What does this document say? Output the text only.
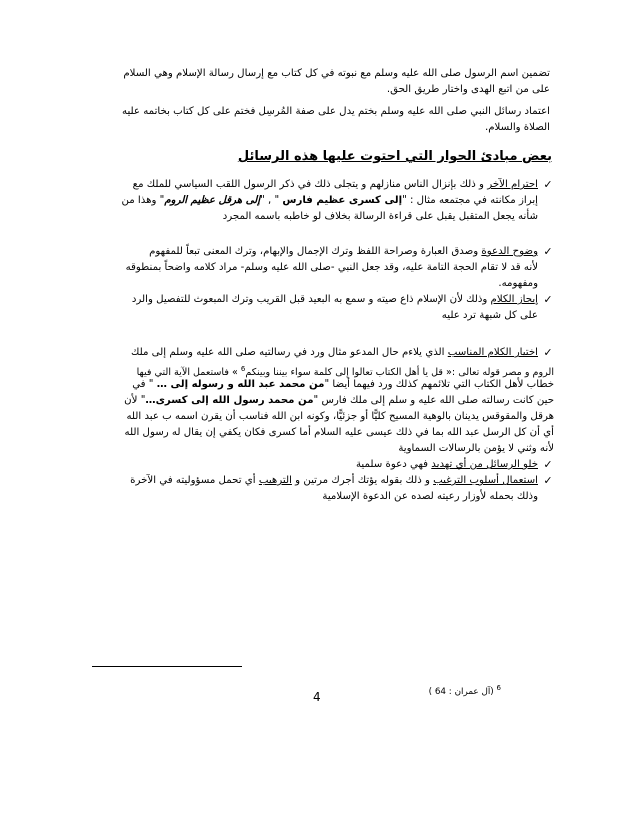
تضمين اسم الرسول صلى الله عليه وسلم مع نبوته في كل كتاب مع إرسال رسالة الإسلام وهي السلام
على من اتبع الهدى واختار طريق الحق.
اعتماد رسائل النبي صلى الله عليه وسلم بختم يدل على صفة المُرسِل فختم على كل كتاب بخاتمه عليه
الصلاة والسلام.
بعض مبادئ الحوار التي احتوت عليها هذه الرسائل
✓
احترام الآخر و ذلك بإنزال الناس منازلهم و يتجلى ذلك في ذكر الرسول اللقب السياسي للملك مع
إبراز مكانته في مجتمعه مثال : "إلى كسرى عظيم فارس " , "إلى هرقل عظيم الروم" وهذا من
شأنه يجعل المتقبل يقبل على قراءة الرسالة بخلاف لو خاطبه باسمه المجرد
✓
وضوح الدعوة وصدق العبارة وصراحة اللفظ وترك الإجمال والإبهام، وترك المعنى تبعاً للمفهوم
لأنه قد لا تقام الحجة التامة عليه، وقد جعل النبي -صلى الله عليه وسلم- مراد كلامه واضحاً بمنطوقه
ومفهومه.
✓
إيجاز الكلام وذلك لأن الإسلام ذاع صيته و سمع به البعيد قبل القريب وترك المبعوث للتفصيل والرد
على كل شبهة ترد عليه
✓
اختيار الكلام المناسب الذي يلاءم حال المدعو مثال ورد في رسالتيه صلى الله عليه وسلم إلى ملك
الروم و مصر قوله تعالى :« قل يا أهل الكتاب تعالوا إلى كلمة سواء بيننا وبينكم$^6$ » فاستعمل الآية التي فيها
خطاب لأهل الكتاب التي تلائمهم كذلك ورد فيهما أيضا "من محمد عبد الله و رسوله إلى … " في
حين كانت رسالته صلى الله عليه و سلم إلى ملك فارس "من محمد رسول الله إلى كسرى…" لأن
هرقل والمقوقس يدينان بالوهية المسيح كليًّا أو جزئيًّا، وكونه ابن الله فناسب أن يقرن اسمه ب عبد الله
أي أن كل الرسل عبد الله بما في ذلك عيسى عليه السلام أما كسرى فكان يكفي إن يقال له رسول الله
لأنه وثني لا يؤمن بالرسالات السماوية
✓
خلو الرسائل من أي تهديد فهي دعوة سلمية
✓
استعمال أسلوب الترغيب و ذلك بقوله يؤتك أجرك مرتين و الترهيب أي تحمل مسؤوليته في الآخرة
وذلك بحمله لأوزار رعيته لصده عن الدعوة الإسلامية
$^6$ (آل عمران : 64 )
4
